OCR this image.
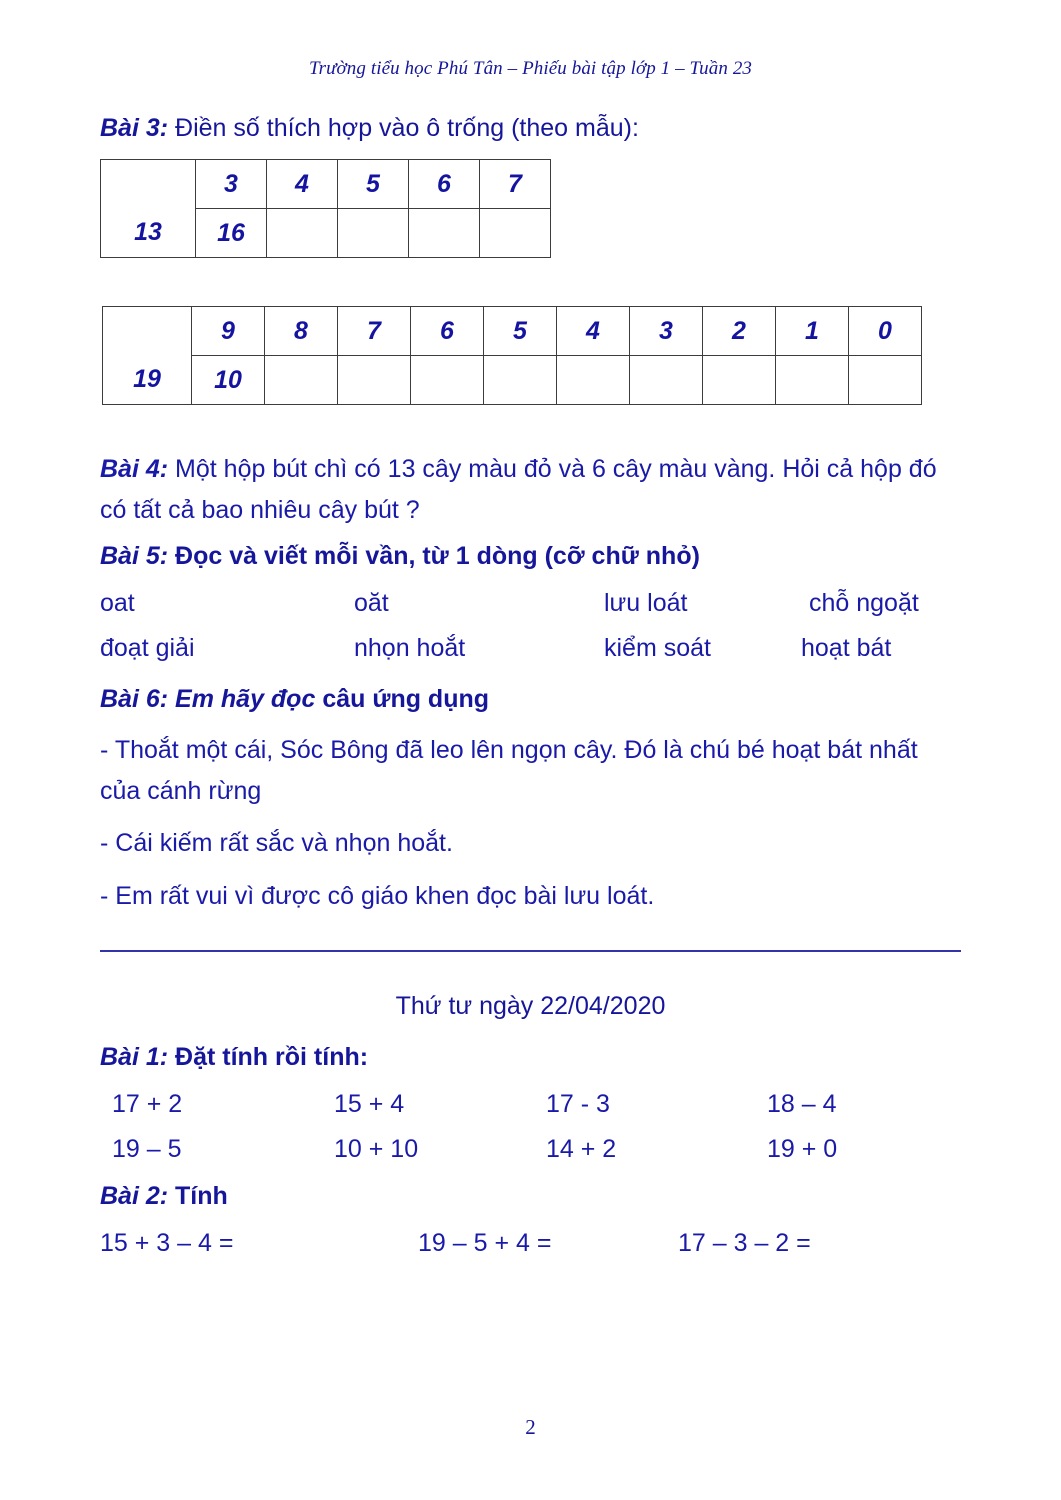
Trường tiểu học Phú Tân – Phiếu bài tập lớp 1 – Tuần 23
Bài 3: Điền số thích hợp vào ô trống (theo mẫu):
	3	4	5	6	7
13	16				
	9	8	7	6	5	4	3	2	1	0
19	10									
Bài 4: Một hộp bút chì có 13 cây màu đỏ và 6 cây màu vàng. Hỏi cả hộp đó có tất cả bao nhiêu cây bút ?
Bài 5: Đọc và viết mỗi vần, từ 1 dòng (cỡ chữ nhỏ)
oat	oăt	lưu loát	chỗ ngoặt
đoạt giải	nhọn hoắt	kiểm soát	hoạt bát
Bài 6: Em hãy đọc câu ứng dụng
- Thoắt một cái, Sóc Bông đã leo lên ngọn cây. Đó là chú bé hoạt bát nhất của cánh rừng
- Cái kiếm rất sắc và nhọn hoắt.
- Em rất vui vì được cô giáo khen đọc bài lưu loát.
Thứ tư ngày 22/04/2020
Bài 1: Đặt tính rồi tính:
17 + 2	15 + 4	17 - 3	18 – 4
19 – 5	10 + 10	14 + 2	19 + 0
Bài 2: Tính
15 + 3 – 4 =	19 – 5 + 4 =	17 – 3 – 2 =
2
